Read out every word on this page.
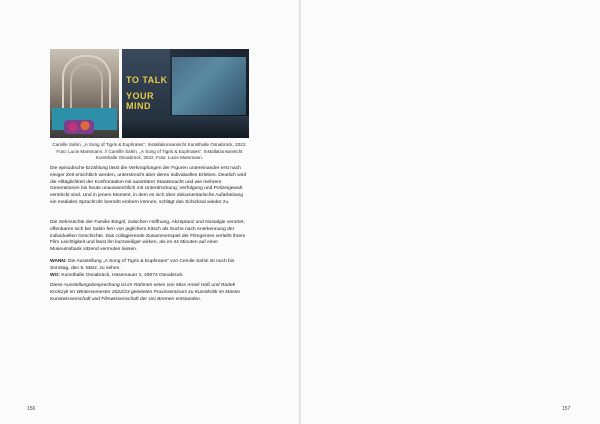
TO TALK
YOUR MIND
Camille Sahin, „A Song of Tigris & Euphrates“, Installationsansicht Kunsthalle Osnabrück, 2022. Foto: Lucie Marsmann. // Camille Sahin, „A Song of Tigris & Euphrates“, Installationsansicht Kunsthalle Osnabrück, 2022. Foto: Lucie Marsmann.

Die episodische Erzählung lässt die Verknüpfungen der Figuren untereinander erst nach einiger Zeit ersichtlich werden, unterstreicht aber deren individuelles Erleben. Deutlich wird die Alltäglichkeit der Konfrontation mit autoritärer Staatsmacht und wie mehrere Generationen bis heute unausweichlich mit Unterdrückung, Verfolgung und Polizeigewalt verstrickt sind. Und in jenem Moment, in dem es sich über dokumentarische Aufarbeitung ein mediales Sprachrohr bemüht erobern können, schlägt das Schicksal wieder zu.

Die Sehnsüchte der Familie Bingöl, zwischen Hoffnung, Akzeptanz und Nostalgie verortet, offenbaren sich bei Sahin fern von jeglichem Kitsch als Suche nach Anerkennung der individuellen Geschichte. Das collagierende Zusammenspiel der Filmgenres verleiht ihrem Film Leichtigkeit und lässt ihn kurzweiliger wirken, als es 44 Minuten auf einer Museumsbank sitzend vermuten lassen.

WANN: Die Ausstellung „A Song of Tigris & Euphrates“ von Cemile Sahin ist noch bis Sonntag, den 5. März, zu sehen.
WO: Kunsthalle Osnabrück, Hasemauer 1, 49074 Osnabrück

Diese Ausstellungsbesprechung ist im Rahmen eines von Miss Ameli Haß und Radek Krolczyk im Wintersemester 2022/23 geleiteten Praxisseminars zu Kunstkritik im Master Kunstwissenschaft und Filmwissenschaft der Uni Bremen entstanden.

156	157
